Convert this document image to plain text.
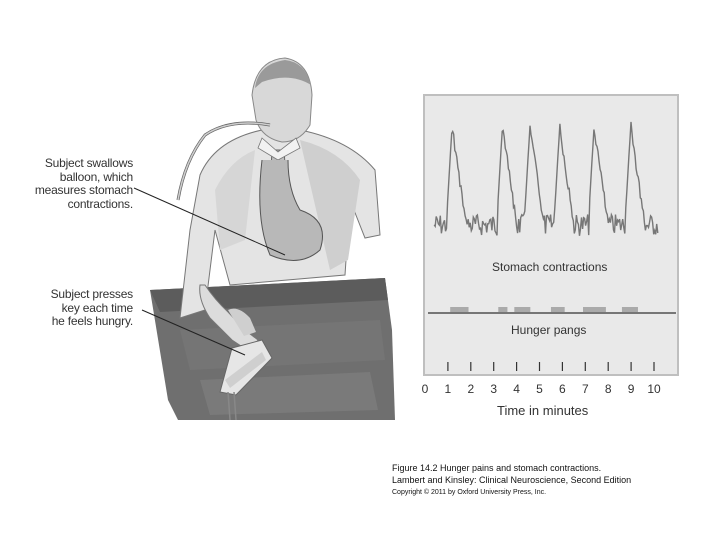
Subject swallows
balloon, which
measures stomach
contractions.
Subject presses
key each time
he feels hungry.
Stomach contractions
Hunger pangs
0	1	2	3	4	5	6	7	8	9	10
Time in minutes
Figure 14.2 Hunger pains and stomach contractions.
Lambert and Kinsley: Clinical Neuroscience, Second Edition
Copyright © 2011 by Oxford University Press, Inc.
